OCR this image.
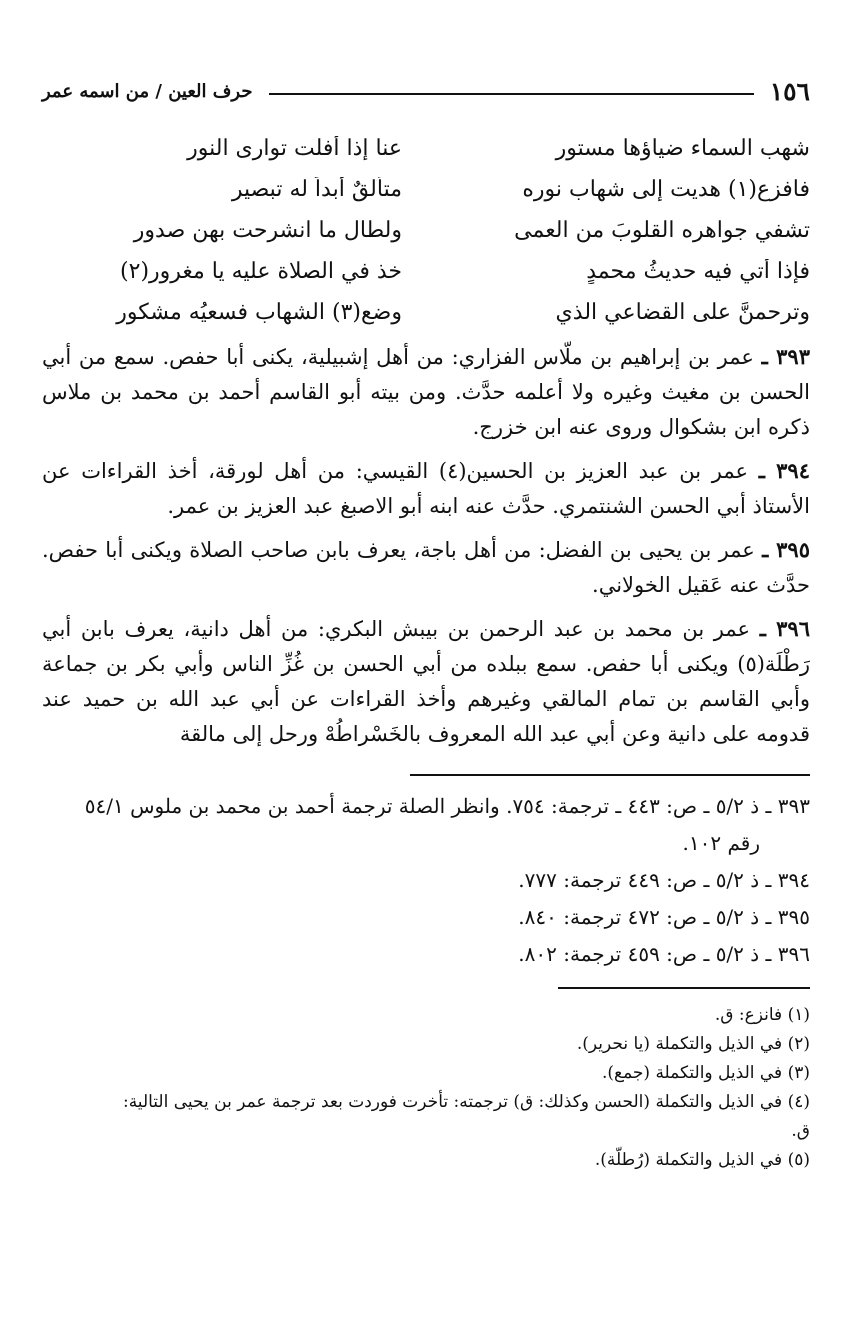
١٥٦
حرف العين / من اسمه عمر
شهب السماء ضياؤها مستور
عنا إذا أفلت توارى النور
فافزع(١) هديت إلى شهاب نوره
متألقٌ أبداً له تبصير
تشفي جواهره القلوبَ من العمى
ولطال ما انشرحت بهن صدور
فإذا أتي فيه حديثُ محمدٍ
خذ في الصلاة عليه يا مغرور(٢)
وترحمنَّ على القضاعي الذي
وضع(٣) الشهاب فسعيُه مشكور

٣٩٣ ـ عمر بن إبراهيم بن ملّاس الفزاري: من أهل إشبيلية، يكنى أبا حفص. سمع من أبي الحسن بن مغيث وغيره ولا أعلمه حدَّث. ومن بيته أبو القاسم أحمد بن محمد بن ملاس ذكره ابن بشكوال وروى عنه ابن خزرج.

٣٩٤ ـ عمر بن عبد العزيز بن الحسين(٤) القيسي: من أهل لورقة، أخذ القراءات عن الأستاذ أبي الحسن الشنتمري. حدَّث عنه ابنه أبو الاصبغ عبد العزيز بن عمر.

٣٩٥ ـ عمر بن يحيى بن الفضل: من أهل باجة، يعرف بابن صاحب الصلاة ويكنى أبا حفص. حدَّث عنه عَقيل الخولاني.

٣٩٦ ـ عمر بن محمد بن عبد الرحمن بن بيبش البكري: من أهل دانية، يعرف بابن أبي رَطْلَة(٥) ويكنى أبا حفص. سمع ببلده من أبي الحسن بن غُزِّ الناس وأبي بكر بن جماعة وأبي القاسم بن تمام المالقي وغيرهم وأخذ القراءات عن أبي عبد الله بن حميد عند قدومه على دانية وعن أبي عبد الله المعروف بالخَسْراطُهْ ورحل إلى مالقة

٣٩٣ ـ ذ ٥/٢ ـ ص: ٤٤٣ ـ ترجمة: ٧٥٤. وانظر الصلة ترجمة أحمد بن محمد بن ملوس ٥٤/١
رقم ١٠٢.
٣٩٤ ـ ذ ٥/٢ ـ ص: ٤٤٩ ترجمة: ٧٧٧.
٣٩٥ ـ ذ ٥/٢ ـ ص: ٤٧٢ ترجمة: ٨٤٠.
٣٩٦ ـ ذ ٥/٢ ـ ص: ٤٥٩ ترجمة: ٨٠٢.
(١) فانزع: ق.
(٢) في الذيل والتكملة (يا نحرير).
(٣) في الذيل والتكملة (جمع).
(٤) في الذيل والتكملة (الحسن وكذلك: ق) ترجمته: تأخرت فوردت بعد ترجمة عمر بن يحيى التالية:
ق.
(٥) في الذيل والتكملة (رُطلّة).
